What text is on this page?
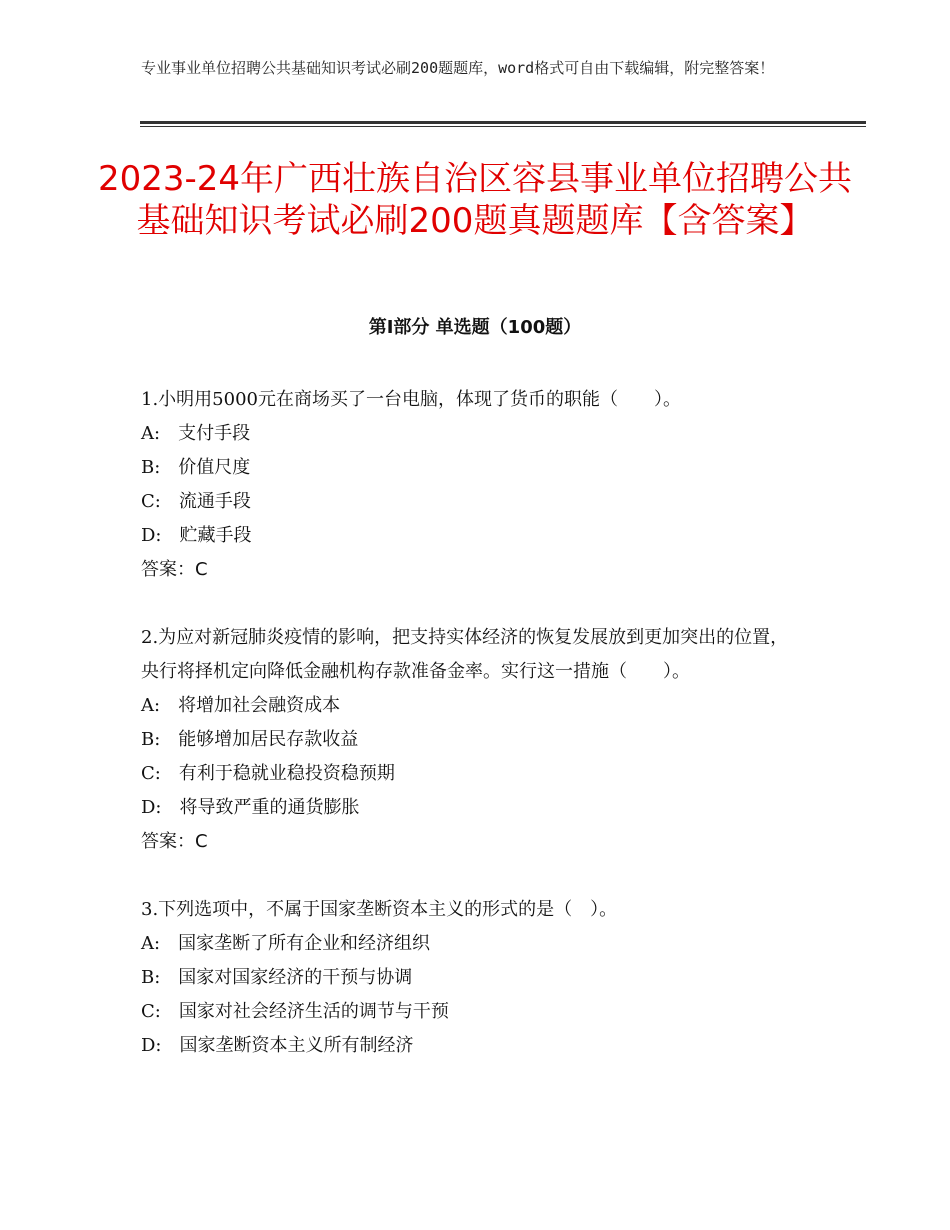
专业事业单位招聘公共基础知识考试必刷200题题库，word格式可自由下载编辑，附完整答案！
2023-24年广西壮族自治区容县事业单位招聘公共基础知识考试必刷200题真题题库【含答案】
第Ⅰ部分 单选题（100题）

1.小明用5000元在商场买了一台电脑，体现了货币的职能（　　）。

A:　支付手段

B:　价值尺度

C:　流通手段

D:　贮藏手段

答案：C

2.为应对新冠肺炎疫情的影响，把支持实体经济的恢复发展放到更加突出的位置，央行将择机定向降低金融机构存款准备金率。实行这一措施（　　）。

A:　将增加社会融资成本

B:　能够增加居民存款收益

C:　有利于稳就业稳投资稳预期

D:　将导致严重的通货膨胀

答案：C

3.下列选项中，不属于国家垄断资本主义的形式的是（　）。

A:　国家垄断了所有企业和经济组织

B:　国家对国家经济的干预与协调

C:　国家对社会经济生活的调节与干预

D:　国家垄断资本主义所有制经济
